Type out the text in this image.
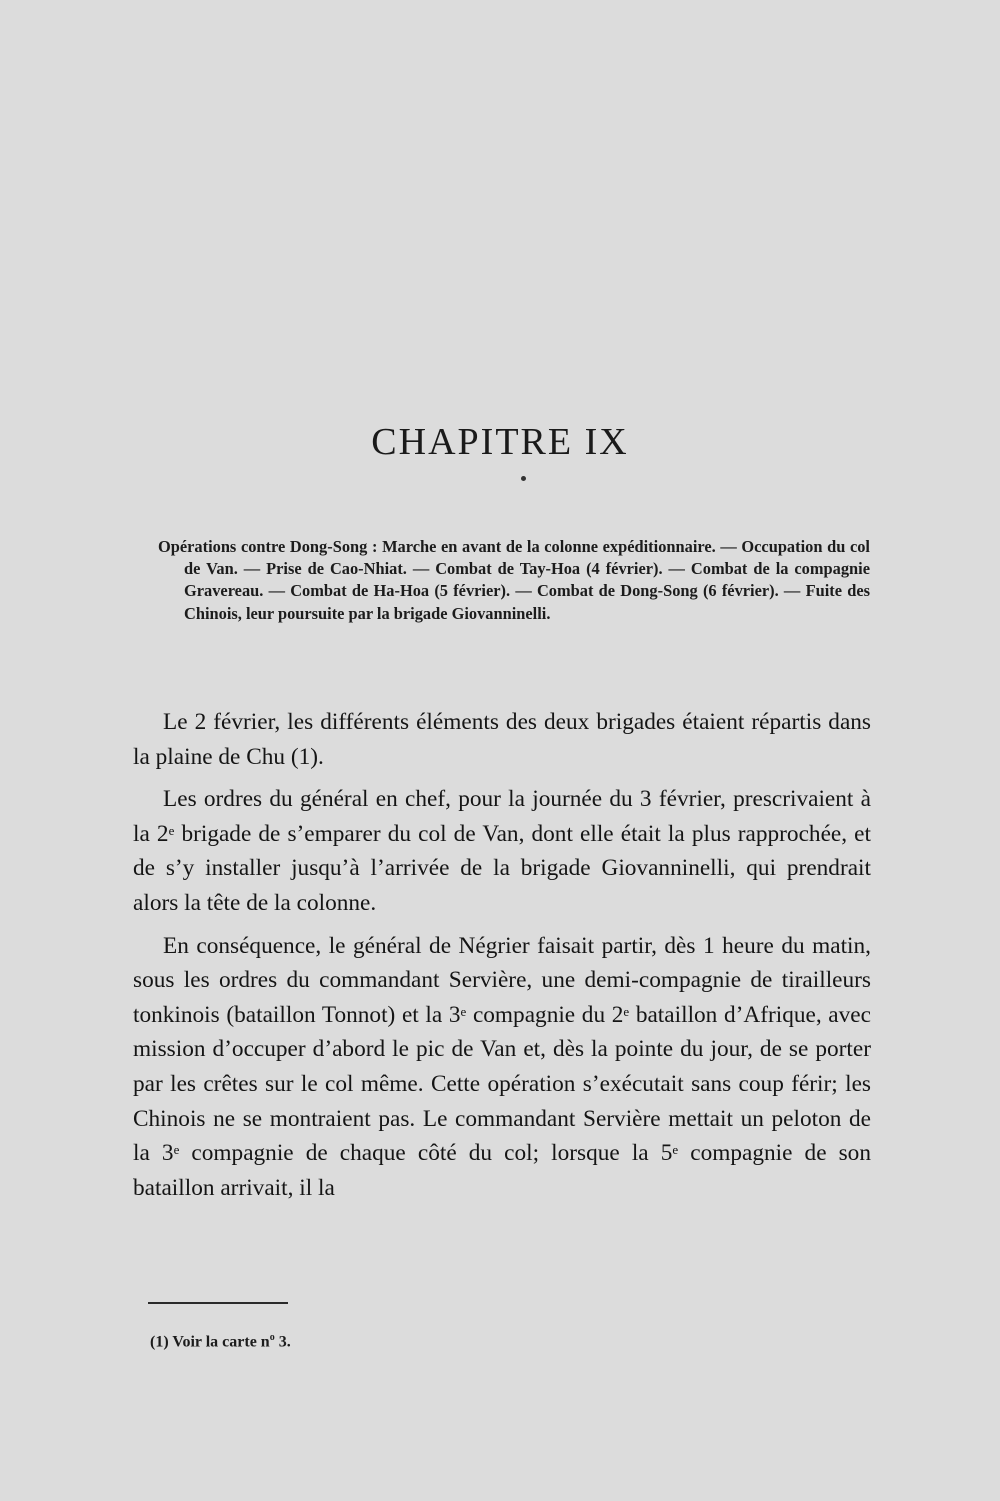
CHAPITRE IX

Opérations contre Dong-Song : Marche en avant de la colonne expéditionnaire. — Occupation du col de Van. — Prise de Cao-Nhiat. — Combat de Tay-Hoa (4 février). — Combat de la compagnie Gravereau. — Combat de Ha-Hoa (5 février). — Combat de Dong-Song (6 février). — Fuite des Chinois, leur poursuite par la brigade Giovanninelli.

Le 2 février, les différents éléments des deux brigades étaient répartis dans la plaine de Chu (1).

Les ordres du général en chef, pour la journée du 3 février, prescrivaient à la 2e brigade de s’emparer du col de Van, dont elle était la plus rapprochée, et de s’y installer jusqu’à l’arrivée de la brigade Giovanninelli, qui prendrait alors la tête de la colonne.

En conséquence, le général de Négrier faisait partir, dès 1 heure du matin, sous les ordres du commandant Servière, une demi-compagnie de tirailleurs tonkinois (bataillon Tonnot) et la 3e compagnie du 2e bataillon d’Afrique, avec mission d’occuper d’abord le pic de Van et, dès la pointe du jour, de se porter par les crêtes sur le col même. Cette opération s’exécutait sans coup férir; les Chinois ne se montraient pas. Le commandant Servière mettait un peloton de la 3e compagnie de chaque côté du col; lorsque la 5e compagnie de son bataillon arrivait, il la

(1) Voir la carte $n^o$ 3.
